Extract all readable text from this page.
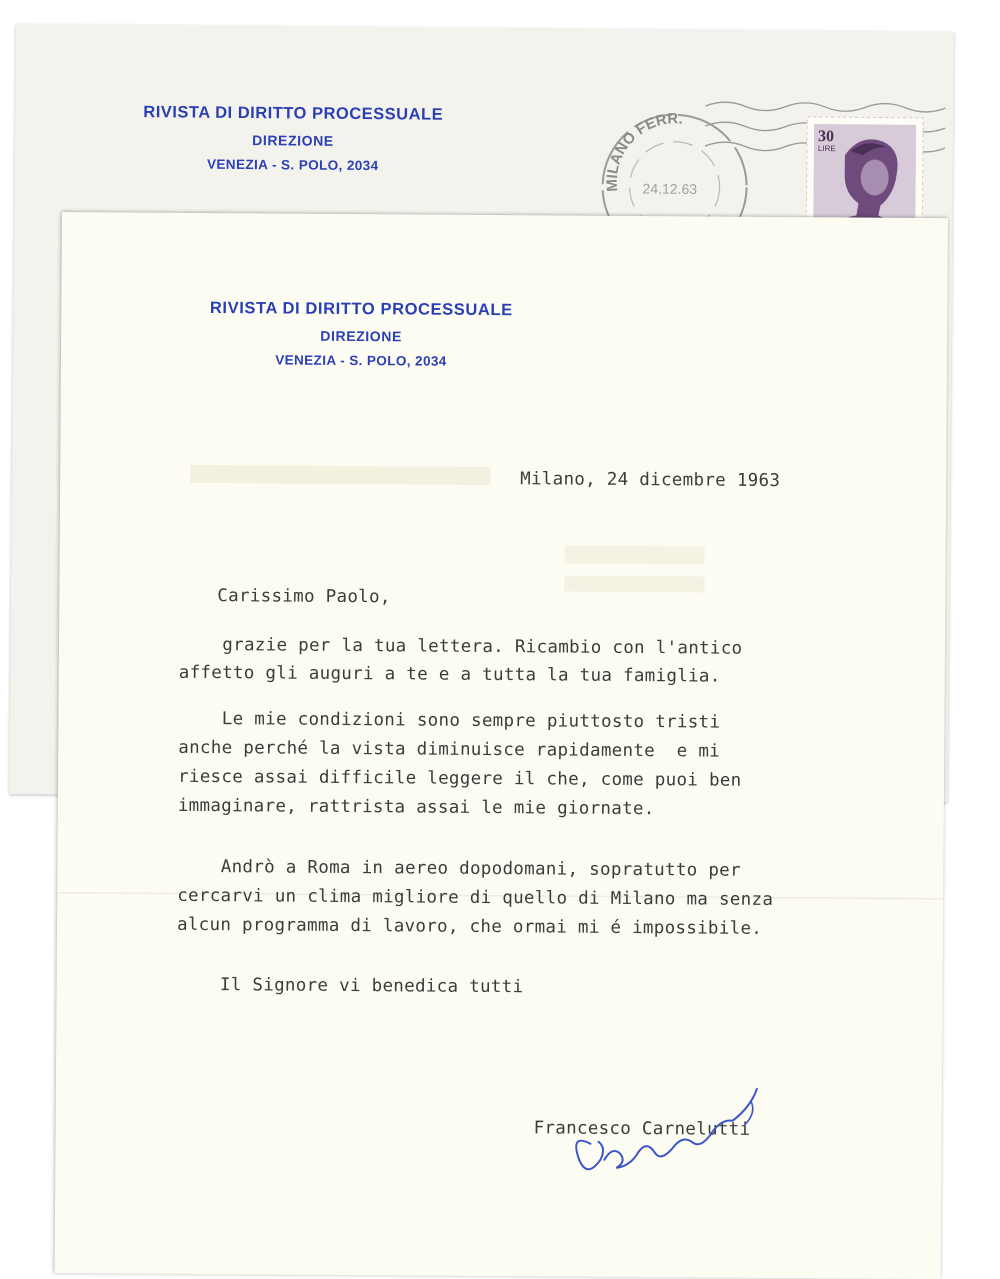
RIVISTA DI DIRITTO PROCESSUALE
DIREZIONE
VENEZIA - S. POLO, 2034
MILANO FERR.
24.12.63
30
LIRE
RIVISTA DI DIRITTO PROCESSUALE
DIREZIONE
VENEZIA - S. POLO, 2034
Milano, 24 dicembre 1963
Carissimo Paolo,
grazie per la tua lettera. Ricambio con l'antico
affetto gli auguri a te e a tutta la tua famiglia.
Le mie condizioni sono sempre piuttosto tristi
anche perché la vista diminuisce rapidamente  e mi
riesce assai difficile leggere il che, come puoi ben
immaginare, rattrista assai le mie giornate.
Andrò a Roma in aereo dopodomani, sopratutto per
cercarvi un clima migliore di quello di Milano ma senza
alcun programma di lavoro, che ormai mi é impossibile.
Il Signore vi benedica tutti
Francesco Carnelutti
